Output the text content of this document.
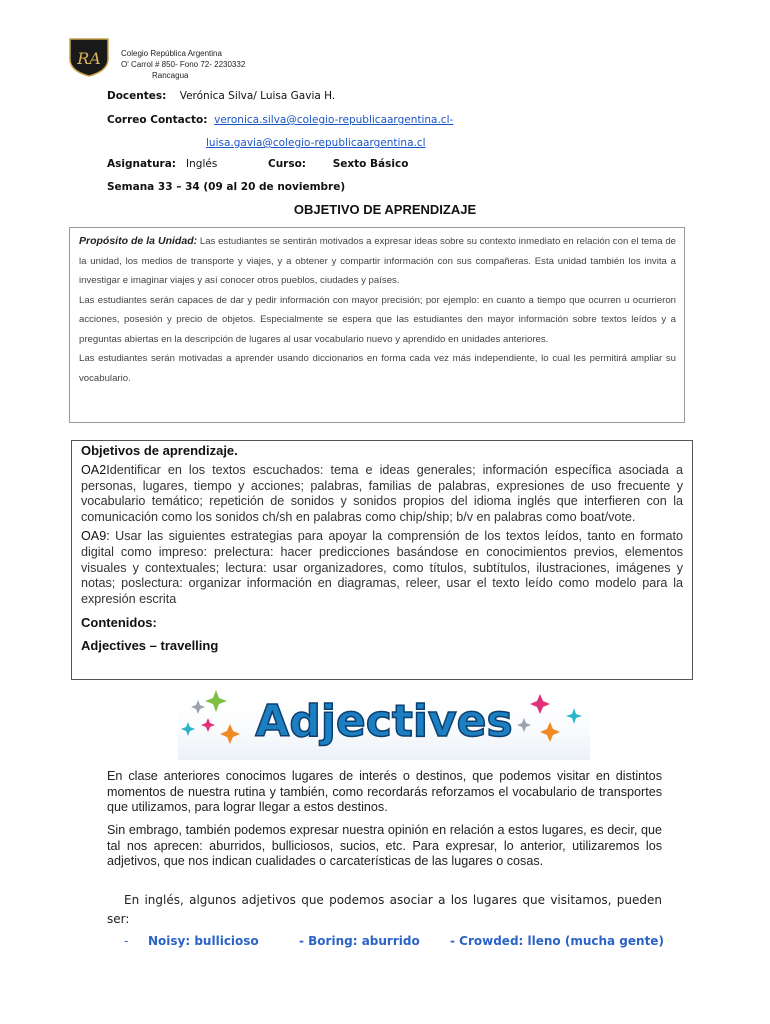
RA	Colegio República Argentina
O' Carrol # 850- Fono 72- 2230332
Rancagua
Docentes: Verónica Silva/ Luisa Gavia H.
Correo Contacto: veronica.silva@colegio-republicaargentina.cl-
luisa.gavia@colegio-republicaargentina.cl
Asignatura: Inglés	Curso:	Sexto Básico
Semana 33 – 34 (09 al 20 de noviembre)
OBJETIVO DE APRENDIZAJE

Propósito de la Unidad: Las estudiantes se sentirán motivados a expresar ideas sobre su contexto inmediato en relación con el tema de la unidad, los medios de transporte y viajes, y a obtener y compartir información con sus compañeras. Esta unidad también los invita a investigar e imaginar viajes y así conocer otros pueblos, ciudades y países.

Las estudiantes serán capaces de dar y pedir información con mayor precisión; por ejemplo: en cuanto a tiempo que ocurren u ocurrieron acciones, posesión y precio de objetos. Especialmente se espera que las estudiantes den mayor información sobre textos leídos y a preguntas abiertas en la descripción de lugares al usar vocabulario nuevo y aprendido en unidades anteriores.

Las estudiantes serán motivadas a aprender usando diccionarios en forma cada vez más independiente, lo cual les permitirá ampliar su vocabulario.

Objetivos de aprendizaje.

OA2Identificar en los textos escuchados: tema e ideas generales; información específica asociada a personas, lugares, tiempo y acciones; palabras, familias de palabras, expresiones de uso frecuente y vocabulario temático; repetición de sonidos y sonidos propios del idioma inglés que interfieren con la comunicación como los sonidos ch/sh en palabras como chip/ship; b/v en palabras como boat/vote.

OA9: Usar las siguientes estrategias para apoyar la comprensión de los textos leídos, tanto en formato digital como impreso: prelectura: hacer predicciones basándose en conocimientos previos, elementos visuales y contextuales; lectura: usar organizadores, como títulos, subtítulos, ilustraciones, imágenes y notas; poslectura: organizar información en diagramas, releer, usar el texto leído como modelo para la expresión escrita

Contenidos:

Adjectives – travelling

Adjectives

En clase anteriores conocimos lugares de interés o destinos, que podemos visitar en distintos momentos de nuestra rutina y también, como recordarás reforzamos el vocabulario de transportes que utilizamos, para lograr llegar a estos destinos.

Sin embrago, también podemos expresar nuestra opinión en relación a estos lugares, es decir, que tal nos aprecen: aburridos, bulliciosos, sucios, etc. Para expresar, lo anterior, utilizaremos los adjetivos, que nos indican cualidades o carcaterísticas de las lugares o cosas.

En inglés, algunos adjetivos que podemos asociar a los lugares que visitamos, pueden ser:

- Noisy: bullicioso	- Boring: aburrido	- Crowded: lleno (mucha gente)
